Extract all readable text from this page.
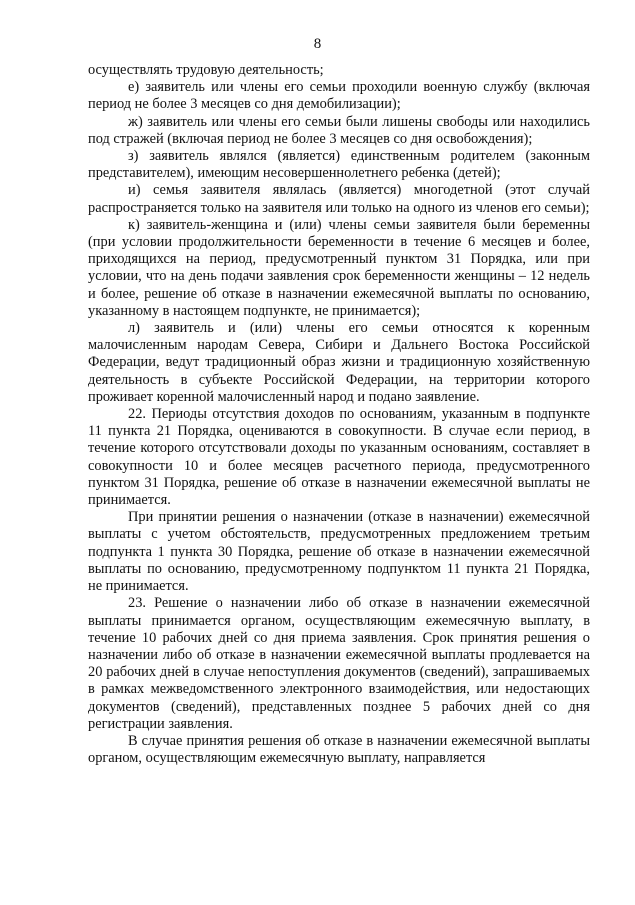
8

осуществлять трудовую деятельность;

е) заявитель или члены его семьи проходили военную службу (включая период не более 3 месяцев со дня демобилизации);

ж) заявитель или члены его семьи были лишены свободы или находились под стражей (включая период не более 3 месяцев со дня освобождения);

з) заявитель являлся (является) единственным родителем (законным представителем), имеющим несовершеннолетнего ребенка (детей);

и) семья заявителя являлась (является) многодетной (этот случай распространяется только на заявителя или только на одного из членов его семьи);

к) заявитель-женщина и (или) члены семьи заявителя были беременны (при условии продолжительности беременности в течение 6 месяцев и более, приходящихся на период, предусмотренный пунктом 31 Порядка, или при условии, что на день подачи заявления срок беременности женщины – 12 недель и более, решение об отказе в назначении ежемесячной выплаты по основанию, указанному в настоящем подпункте, не принимается);

л) заявитель и (или) члены его семьи относятся к коренным малочисленным народам Севера, Сибири и Дальнего Востока Российской Федерации, ведут традиционный образ жизни и традиционную хозяйственную деятельность в субъекте Российской Федерации, на территории которого проживает коренной малочисленный народ и подано заявление.

22. Периоды отсутствия доходов по основаниям, указанным в подпункте 11 пункта 21 Порядка, оцениваются в совокупности. В случае если период, в течение которого отсутствовали доходы по указанным основаниям, составляет в совокупности 10 и более месяцев расчетного периода, предусмотренного пунктом 31 Порядка, решение об отказе в назначении ежемесячной выплаты не принимается.

При принятии решения о назначении (отказе в назначении) ежемесячной выплаты с учетом обстоятельств, предусмотренных предложением третьим подпункта 1 пункта 30 Порядка, решение об отказе в назначении ежемесячной выплаты по основанию, предусмотренному подпунктом 11 пункта 21 Порядка, не принимается.

23. Решение о назначении либо об отказе в назначении ежемесячной выплаты принимается органом, осуществляющим ежемесячную выплату, в течение 10 рабочих дней со дня приема заявления. Срок принятия решения о назначении либо об отказе в назначении ежемесячной выплаты продлевается на 20 рабочих дней в случае непоступления документов (сведений), запрашиваемых в рамках межведомственного электронного взаимодействия, или недостающих документов (сведений), представленных позднее 5 рабочих дней со дня регистрации заявления.

В случае принятия решения об отказе в назначении ежемесячной выплаты органом, осуществляющим ежемесячную выплату, направляется
